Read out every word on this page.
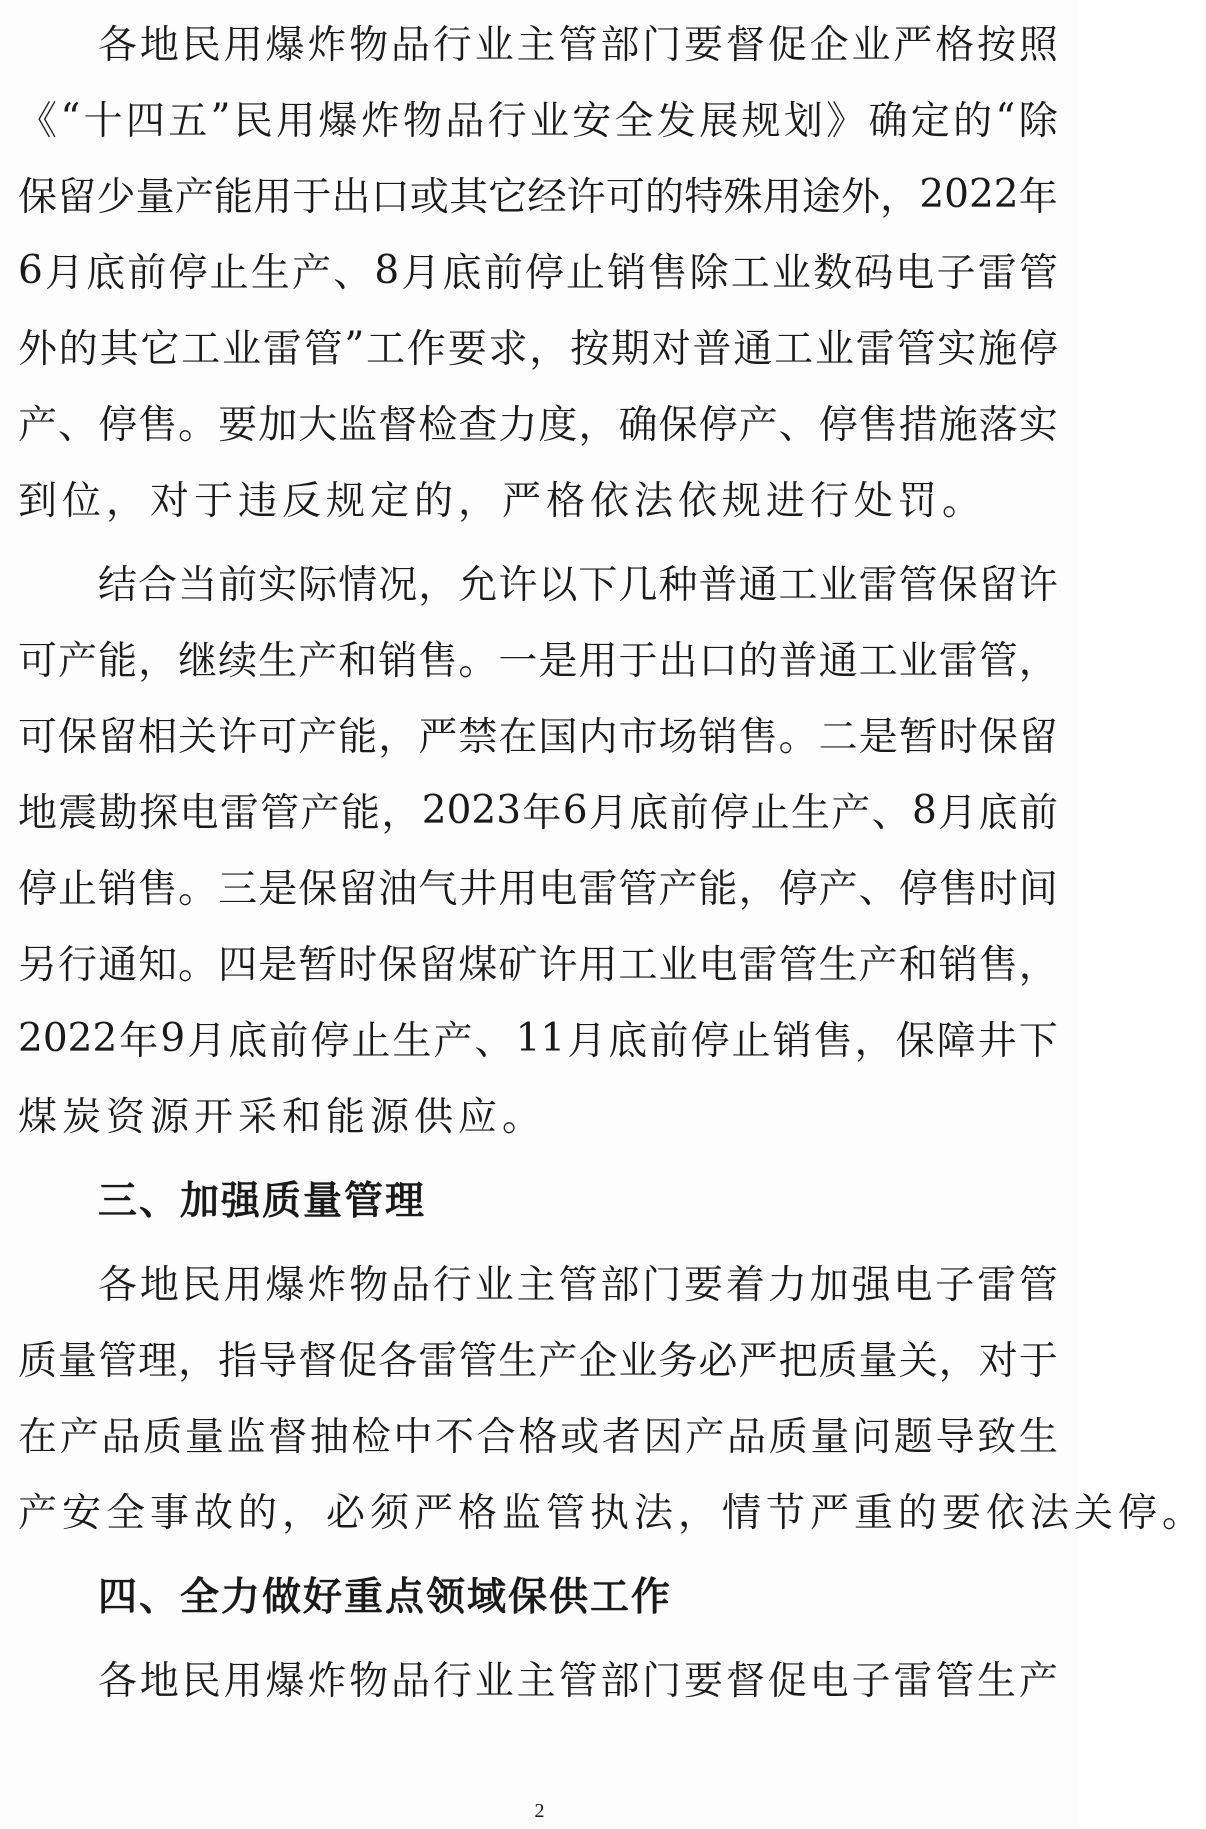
各 地 民 用 爆 炸 物 品 行 业 主 管 部 门 要 督 促 企 业 严 格 按 照
《 “ 十 四 五 ” 民 用 爆 炸 物 品 行 业 安 全 发 展 规 划 》 确 定 的 “ 除
保 留 少 量 产 能 用 于 出 口 或 其 它 经 许 可 的 特 殊 用 途 外 ， 2022 年
6 月 底 前 停 止 生 产 、 8 月 底 前 停 止 销 售 除 工 业 数 码 电 子 雷 管
外 的 其 它 工 业 雷 管 ” 工 作 要 求 ， 按 期 对 普 通 工 业 雷 管 实 施 停
产 、 停 售 。 要 加 大 监 督 检 查 力 度 ， 确 保 停 产 、 停 售 措 施 落 实
到位，对于违反规定的，严格依法依规进行处罚。
结 合 当 前 实 际 情 况 ， 允 许 以 下 几 种 普 通 工 业 雷 管 保 留 许
可 产 能 ， 继 续 生 产 和 销 售 。 一 是 用 于 出 口 的 普 通 工 业 雷 管 ，
可 保 留 相 关 许 可 产 能 ， 严 禁 在 国 内 市 场 销 售 。 二 是 暂 时 保 留
地 震 勘 探 电 雷 管 产 能 ， 2023 年 6 月 底 前 停 止 生 产 、 8 月 底 前
停 止 销 售 。 三 是 保 留 油 气 井 用 电 雷 管 产 能 ， 停 产 、 停 售 时 间
另 行 通 知 。 四 是 暂 时 保 留 煤 矿 许 用 工 业 电 雷 管 生 产 和 销 售 ，
2022 年 9 月 底 前 停 止 生 产 、 11 月 底 前 停 止 销 售 ， 保 障 井 下
煤炭资源开采和能源供应。
三、加强质量管理
各 地 民 用 爆 炸 物 品 行 业 主 管 部 门 要 着 力 加 强 电 子 雷 管
质 量 管 理 ， 指 导 督 促 各 雷 管 生 产 企 业 务 必 严 把 质 量 关 ， 对 于
在 产 品 质 量 监 督 抽 检 中 不 合 格 或 者 因 产 品 质 量 问 题 导 致 生
产安全事故的，必须严格监管执法，情节严重的要依法关停。
四、全力做好重点领域保供工作
各 地 民 用 爆 炸 物 品 行 业 主 管 部 门 要 督 促 电 子 雷 管 生 产
2
